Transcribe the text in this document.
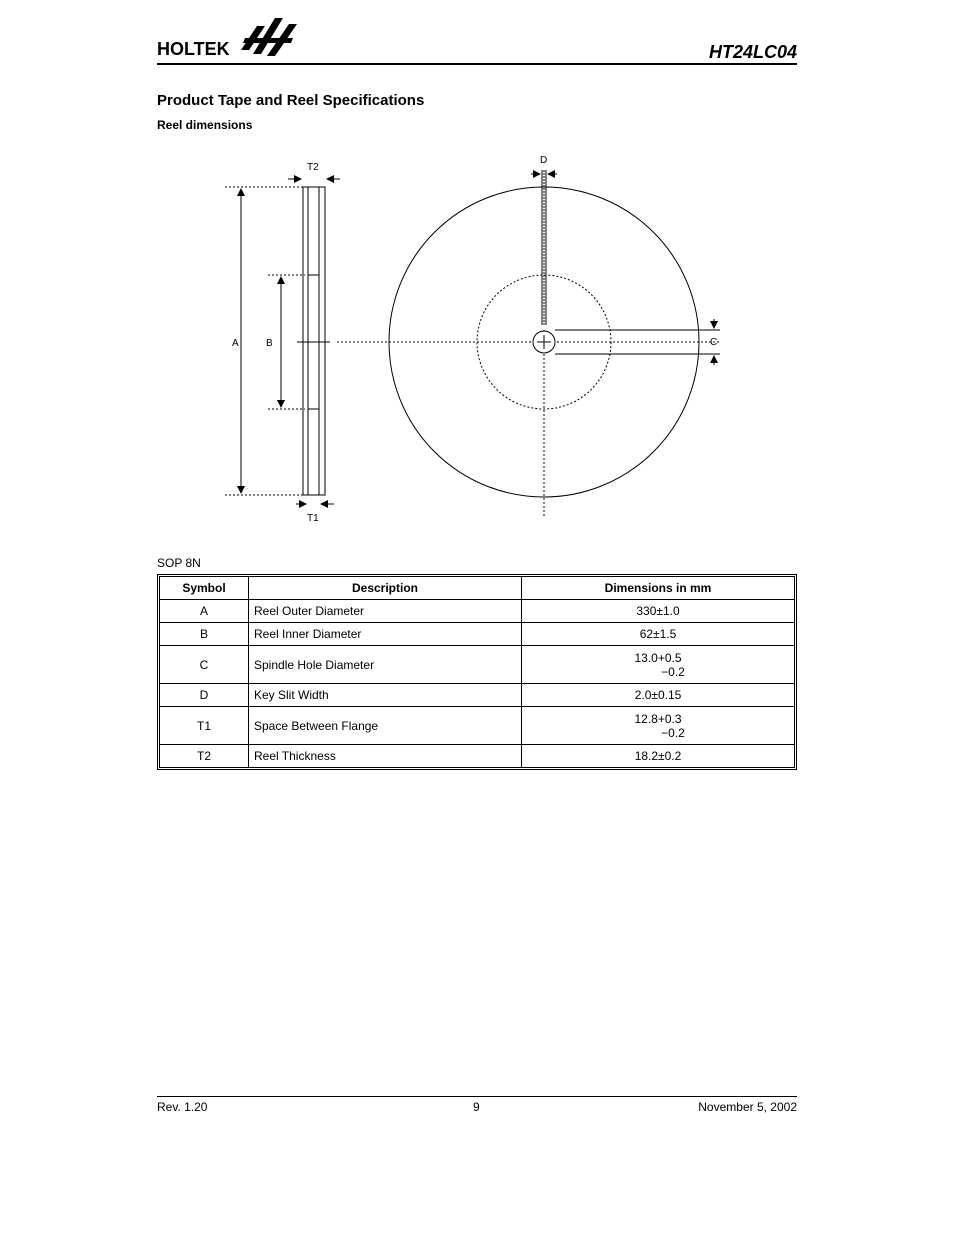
HOLTEK	HT24LC04
Product Tape and Reel Specifications
Reel dimensions
T2
T1
A	B	C
D
SOP 8N
Symbol	Description	Dimensions in mm
A	Reel Outer Diameter	330±1.0
B	Reel Inner Diameter	62±1.5
C	Spindle Hole Diameter	13.0+0.5
−0.2

D	Key Slit Width	2.0±0.15
T1	Space Between Flange	12.8+0.3
−0.2

T2	Reel Thickness	18.2±0.2
Rev. 1.20	9	November 5, 2002
